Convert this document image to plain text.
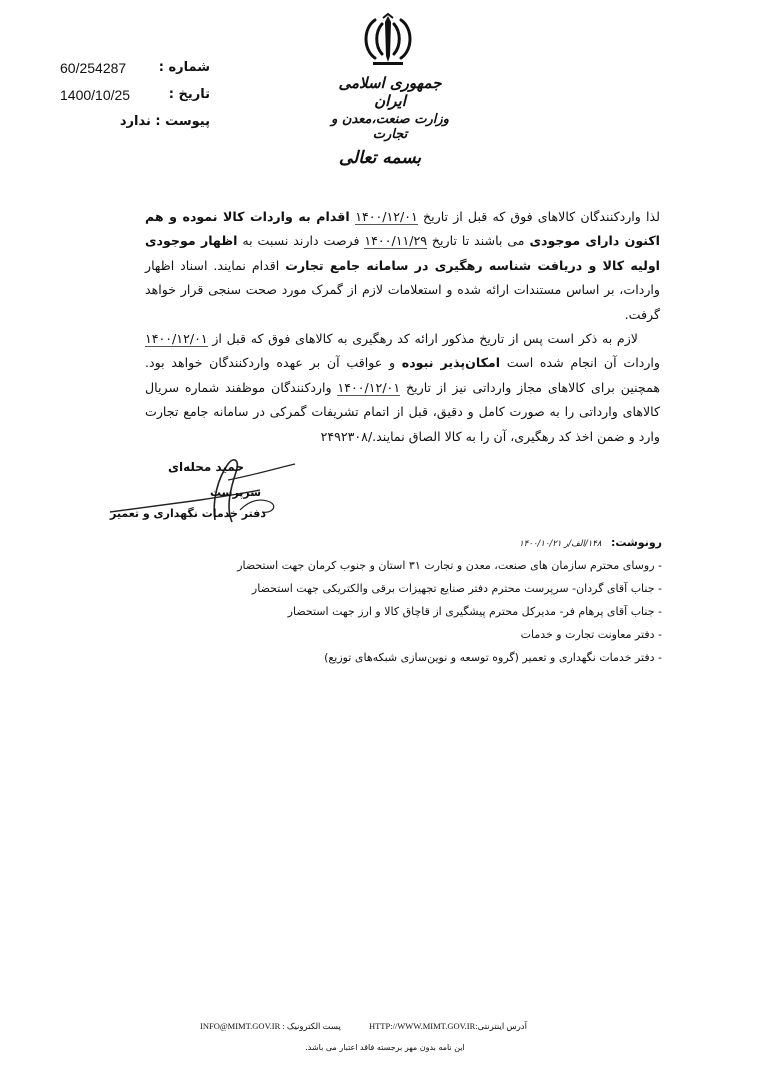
شماره :
60/254287
تاریخ :
1400/10/25
پیوست : ندارد
جمهوری اسلامی ایران
وزارت صنعت،معدن و تجارت
بسمه تعالی

لذا واردکنندگان کالاهای فوق که قبل از تاریخ ۱۴۰۰/۱۲/۰۱ اقدام به واردات کالا نموده و هم اکنون دارای موجودی می باشند تا تاریخ ۱۴۰۰/۱۱/۲۹ فرصت دارند نسبت به اظهار موجودی اولیه کالا و دریافت شناسه رهگیری در سامانه جامع تجارت اقدام نمایند. اسناد اظهار واردات، بر اساس مستندات ارائه شده و استعلامات لازم از گمرک مورد صحت سنجی قرار خواهد گرفت.

لازم به ذکر است پس از تاریخ مذکور ارائه کد رهگیری به کالاهای فوق که قبل از ۱۴۰۰/۱۲/۰۱ واردات آن انجام شده است امکان‌پذیر نبوده و عواقب آن بر عهده واردکنندگان خواهد بود. همچنین برای کالاهای مجاز وارداتی نیز از تاریخ ۱۴۰۰/۱۲/۰۱ واردکنندگان موظفند شماره سریال کالاهای وارداتی را به صورت کامل و دقیق، قبل از اتمام تشریفات گمرکی در سامانه جامع تجارت وارد و ضمن اخذ کد رهگیری، آن را به کالا الصاق نمایند./۲۴۹۲۳۰۸

حمید محله‌ای
سرپرست
دفتر خدمات نگهداری و تعمیر
رونوشت: ۱۴۸/الف/ر ۱۴۰۰/۱۰/۲۱
- روسای محترم سازمان های صنعت، معدن و تجارت ۳۱ استان و جنوب کرمان جهت استحضار
- جناب آقای گردان- سرپرست محترم دفتر صنایع تجهیزات برقی والکتریکی جهت استحضار
- جناب آقای پرهام فر- مدیرکل محترم پیشگیری از قاچاق کالا و ارز جهت استحضار
- دفتر معاونت تجارت و خدمات
- دفتر خدمات نگهداری و تعمیر (گروه توسعه و نوین‌سازی شبکه‌های توزیع)
INFO@MIMT.GOV.IR پست الکترونیک :	HTTP://WWW.MIMT.GOV.IRآدرس اینترنتی:
این نامه بدون مهر برجسته فاقد اعتبار می باشد.
